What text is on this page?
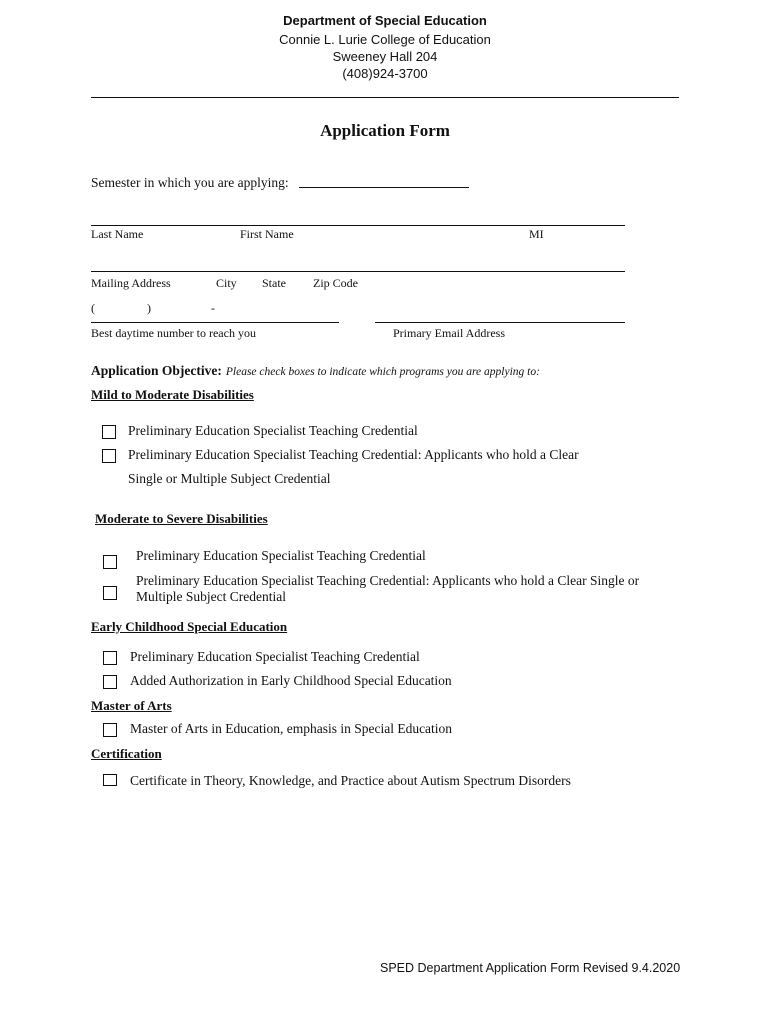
Department of Special Education
Connie L. Lurie College of Education
Sweeney Hall 204
(408)924-3700
Application Form
Semester in which you are applying:
Last Name	First Name	MI
Mailing Address	City State Zip Code
(	)	-
Best daytime number to reach you	Primary Email Address
Application Objective: Please check boxes to indicate which programs you are applying to:
Mild to Moderate Disabilities
Preliminary Education Specialist Teaching Credential
Preliminary Education Specialist Teaching Credential: Applicants who hold a Clear
Single or Multiple Subject Credential
Moderate to Severe Disabilities
Preliminary Education Specialist Teaching Credential
Preliminary Education Specialist Teaching Credential: Applicants who hold a Clear Single or
Multiple Subject Credential
Early Childhood Special Education
Preliminary Education Specialist Teaching Credential
Added Authorization in Early Childhood Special Education
Master of Arts
Master of Arts in Education, emphasis in Special Education
Certification
Certificate in Theory, Knowledge, and Practice about Autism Spectrum Disorders
SPED Department Application Form Revised 9.4.2020
